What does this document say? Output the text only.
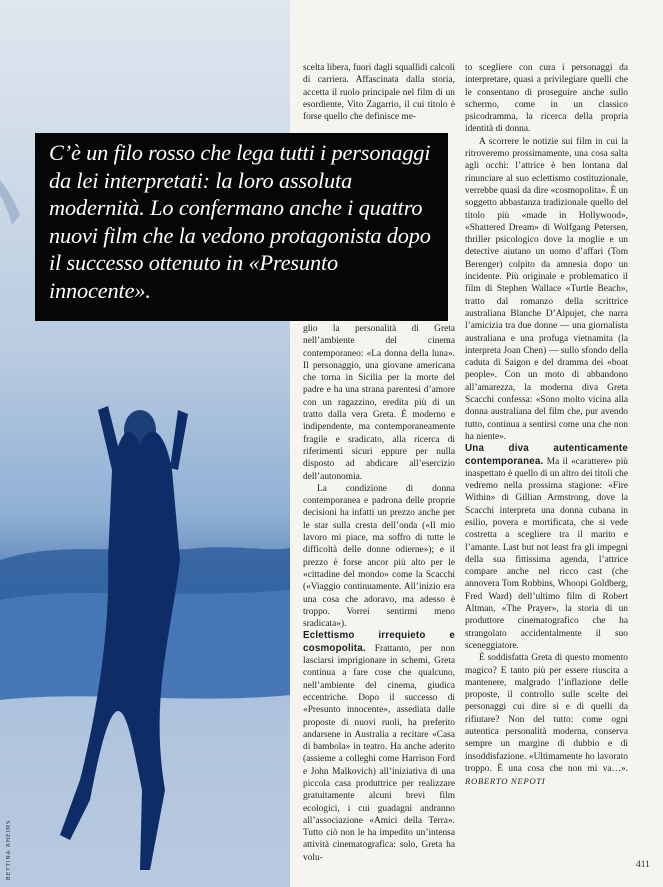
BETTINA RHEIMS

C’è un filo rosso che lega tutti i personaggi da lei interpretati: la loro assoluta modernità. Lo confermano anche i quattro nuovi film che la vedono protagonista dopo il successo ottenuto in «Presunto innocente».

scelta libera, fuori dagli squallidi calcoli di carriera. Affascinata dalla storia, accetta il ruolo principale nel film di un esordiente, Vito Zagarrio, il cui titolo è forse quello che definisce me-

glio la personalità di Greta nell’ambiente del cinema contemporaneo: «La donna della luna». Il personaggio, una giovane americana che torna in Sicilia per la morte del padre e ha una strana parentesi d’amore con un ragazzino, eredita più di un tratto dalla vera Greta. È moderno e indipendente, ma contemporaneamente fragile e sradicato, alla ricerca di riferimenti sicuri eppure per nulla disposto ad abdicare all’esercizio dell’autonomia.

La condizione di donna contemporanea e padrona delle proprie decisioni ha infatti un prezzo anche per le star sulla cresta dell’onda («Il mio lavoro mi piace, ma soffro di tutte le difficoltà delle donne odierne»); e il prezzo è forse ancor più alto per le «cittadine del mondo» come la Scacchi («Viaggio continuamente. All’inizio era una cosa che adoravo, ma adesso è troppo. Vorrei sentirmi meno sradicata»).

Eclettismo irrequieto e cosmopolita. Frattanto, per non lasciarsi imprigionare in schemi, Greta continua a fare cose che qualcuno, nell’ambiente del cinema, giudica eccentriche. Dopo il successo di «Presunto innocente», assediata dalle proposte di nuovi ruoli, ha preferito andarsene in Australia a recitare «Casa di bambola» in teatro. Ha anche aderito (assieme a colleghi come Harrison Ford e John Malkovich) all’iniziativa di una piccola casa produttrice per realizzare gratuitamente alcuni brevi film ecologici, i cui guadagni andranno all’associazione «Amici della Terra». Tutto ciò non le ha impedito un’intensa attività cinematografica: solo, Greta ha volu-

to scegliere con cura i personaggi da interpretare, quasi a privilegiare quelli che le consentano di proseguire anche sullo schermo, come in un classico psicodramma, la ricerca della propria identità di donna.

A scorrere le notizie sui film in cui la ritroveremo prossimamente, una cosa salta agli occhi: l’attrice è ben lontana dal rinunciare al suo eclettismo costituzionale, verrebbe quasi da dire «cosmopolita». È un soggetto abbastanza tradizionale quello del titolo più «made in Hollywood», «Shattered Dream» di Wolfgang Petersen, thriller psicologico dove la moglie e un detective aiutano un uomo d’affari (Tom Berenger) colpito da amnesia dopo un incidente. Più originale e problematico il film di Stephen Wallace «Turtle Beach», tratto dal romanzo della scrittrice australiana Blanche D’Alpujet, che narra l’amicizia tra due donne — una giornalista australiana e una profuga vietnamita (la interpreta Joan Chen) — sullo sfondo della caduta di Saigon e del dramma dei «boat people». Con un moto di abbandono all’amarezza, la moderna diva Greta Scacchi confessa: «Sono molto vicina alla donna australiana del film che, pur avendo tutto, continua a sentirsi come una che non ha niente».

Una diva autenticamente contemporanea. Ma il «carattere» più inaspettato è quello di un altro dei titoli che vedremo nella prossima stagione: «Fire Within» di Gillian Armstrong, dove la Scacchi interpreta una donna cubana in esilio, povera e mortificata, che si vede costretta a scegliere tra il marito e l’amante. Last but not least fra gli impegni della sua fittissima agenda, l’attrice compare anche nel ricco cast (che annovera Tom Robbins, Whoopi Goldberg, Fred Ward) dell’ultimo film di Robert Altman, «The Prayer», la storia di un produttore cinematografico che ha strangolato accidentalmente il suo sceneggiatore.

È soddisfatta Greta di questo momento magico? E tanto più per essere riuscita a mantenere, malgrado l’inflazione delle proposte, il controllo sulle scelte dei personaggi cui dire sì e di quelli da rifiutare? Non del tutto: come ogni autentica personalità moderna, conserva sempre un margine di dubbio e di insoddisfazione. «Ultimamente ho lavorato troppo. È una cosa che non mi va…». ROBERTO NEPOTI

411
